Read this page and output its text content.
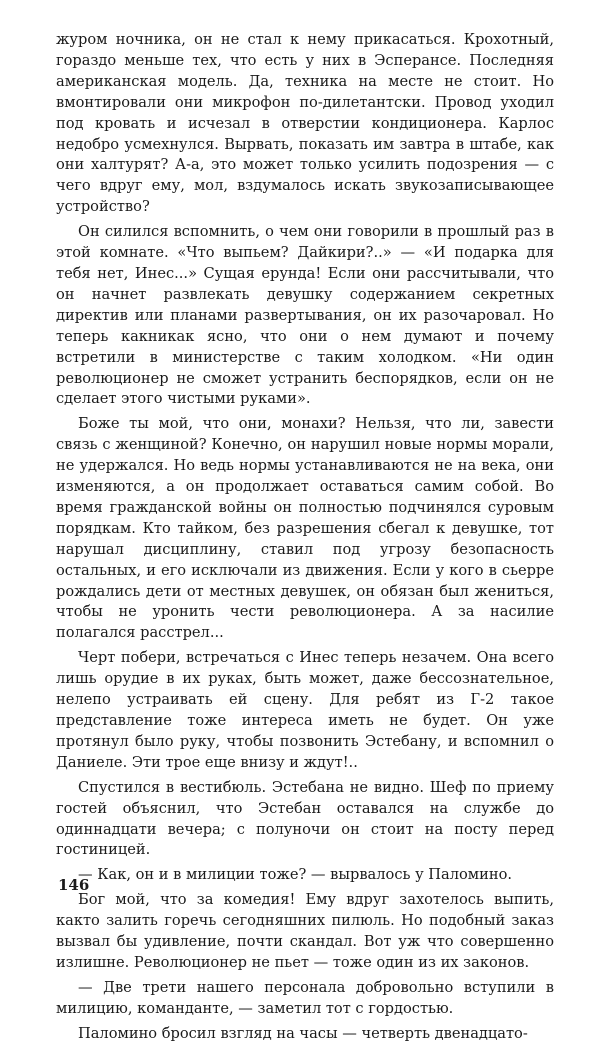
журом ночника, он не стал к нему прикасаться. Крохотный, гораздо меньше тех, что есть у них в Эсперансе. Последняя американская модель. Да, техника на месте не стоит. Но вмонтировали они микрофон по-дилетантски. Провод уходил под кровать и исчезал в отверстии кондиционера. Карлос недобро усмехнулся. Вырвать, показать им завтра в штабе, как они халтурят? А-а, это может только усилить подозрения — с чего вдруг ему, мол, вздумалось искать звукозаписывающее устройство?

Он силился вспомнить, о чем они говорили в прошлый раз в этой комнате. «Что выпьем? Дайкири?..» — «И подарка для тебя нет, Инес...» Сущая ерунда! Если они рассчитывали, что он начнет развлекать девушку содержанием секретных директив или планами развертывания, он их разочаровал. Но теперь какникак ясно, что они о нем думают и почему встретили в министерстве с таким холодком. «Ни один революционер не сможет устранить беспорядков, если он не сделает этого чистыми руками».

Боже ты мой, что они, монахи? Нельзя, что ли, завести связь с женщиной? Конечно, он нарушил новые нормы морали, не удержался. Но ведь нормы устанавливаются не на века, они изменяются, а он продолжает оставаться самим собой. Во время гражданской войны он полностью подчинялся суровым порядкам. Кто тайком, без разрешения сбегал к девушке, тот нарушал дисциплину, ставил под угрозу безопасность остальных, и его исключали из движения. Если у кого в сьерре рождались дети от местных девушек, он обязан был жениться, чтобы не уронить чести революционера. А за насилие полагался расстрел...

Черт побери, встречаться с Инес теперь незачем. Она всего лишь орудие в их руках, быть может, даже бессознательное, нелепо устраивать ей сцену. Для ребят из Г-2 такое представление тоже интереса иметь не будет. Он уже протянул было руку, чтобы позвонить Эстебану, и вспомнил о Даниеле. Эти трое еще внизу и ждут!..

Спустился в вестибюль. Эстебана не видно. Шеф по приему гостей объяснил, что Эстебан оставался на службе до одиннадцати вечера; с полуночи он стоит на посту перед гостиницей.

— Как, он и в милиции тоже? — вырвалось у Паломино.

Бог мой, что за комедия! Ему вдруг захотелось выпить, както залить горечь сегодняшних пилюль. Но подобный заказ вызвал бы удивление, почти скандал. Вот уж что совершенно излишне. Революционер не пьет — тоже один из их законов.

— Две трети нашего персонала добровольно вступили в милицию, команданте, — заметил тот с гордостью.

Паломино бросил взгляд на часы — четверть двенадцато-

146
